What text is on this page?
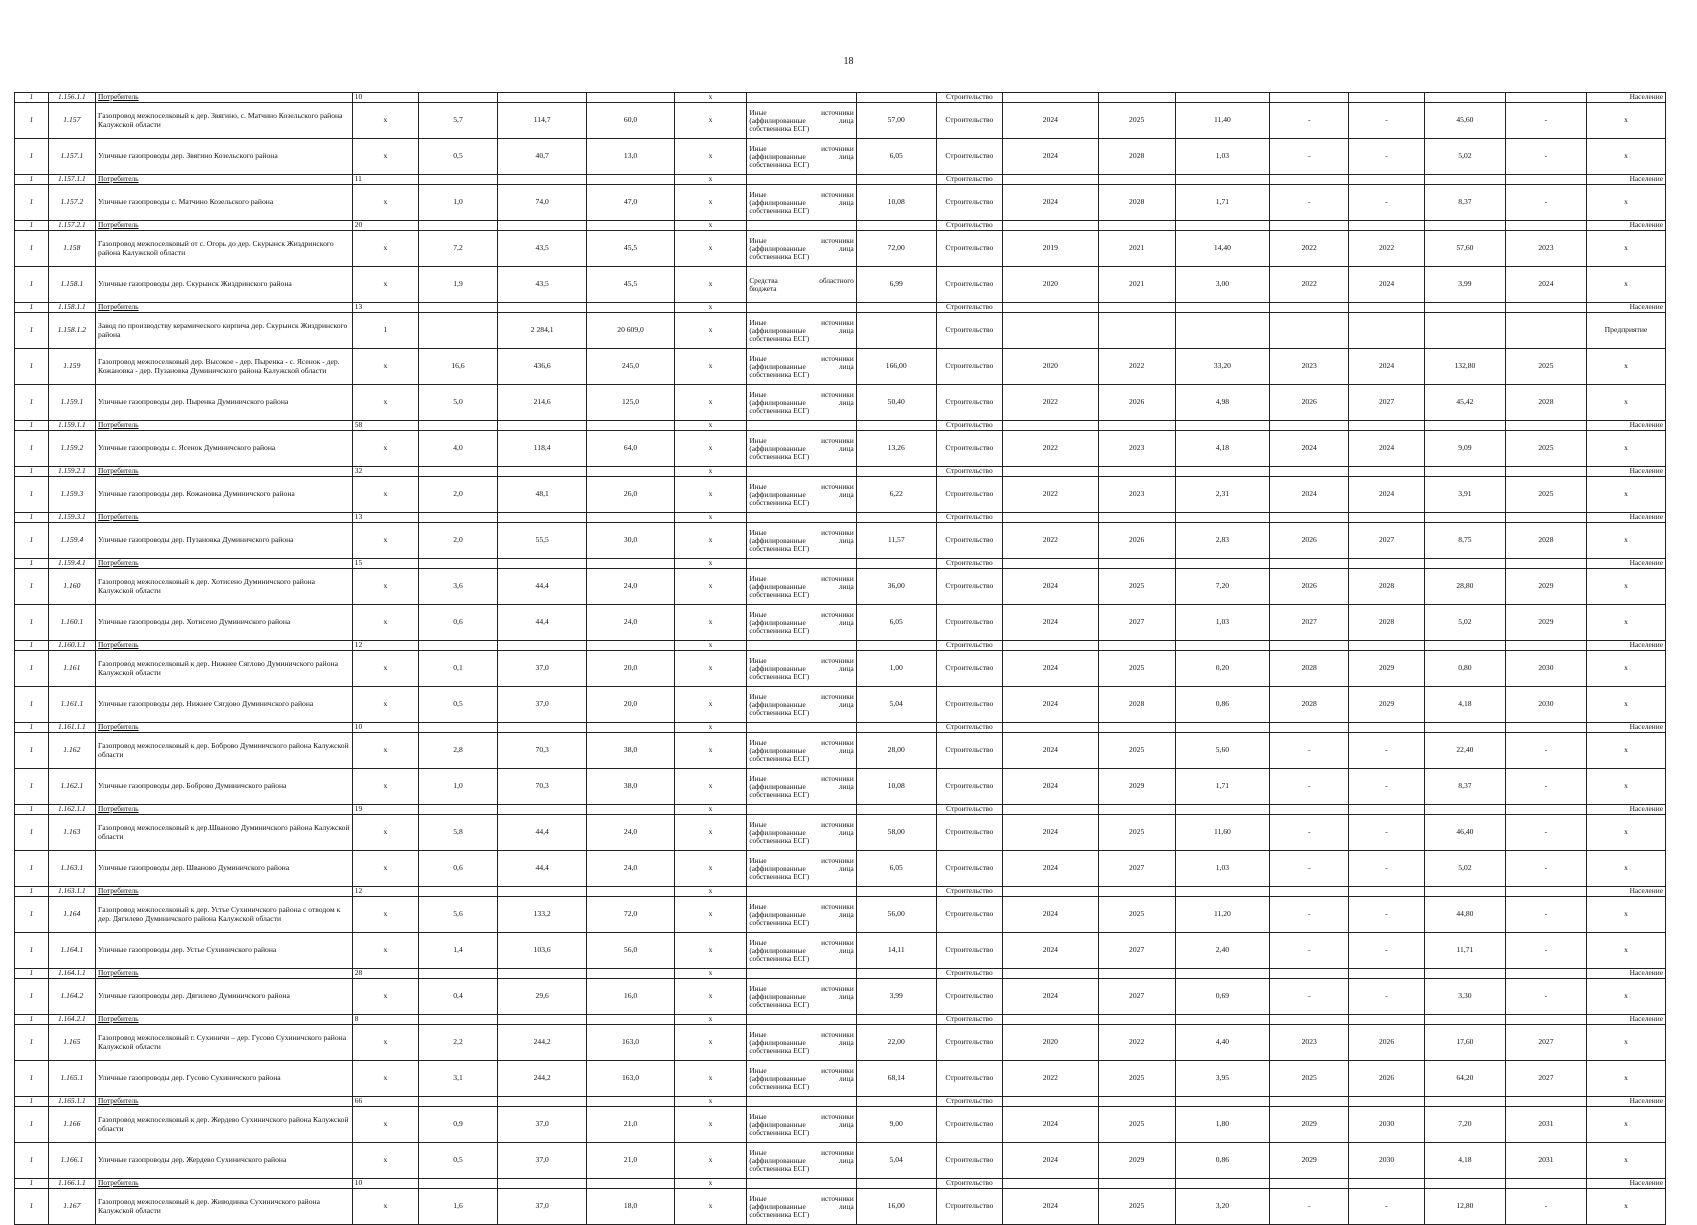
18
1	1.156.1.1	Потребитель	10				x			Строительство								Население
1	1.157	Газопровод межпоселковый к дер. Звягино, с. Матчино Козельского района Калужской области	x	5,7	114,7	60,0	x	Иные источники
(аффилированные лица
собственника ЕСГ)	57,00	Строительство	2024	2025	11,40	-	-	45,60	-	x
1	1.157.1	Уличные газопроводы дер. Звягино Козельского района	x	0,5	40,7	13,0	x	Иные источники
(аффилированные лица
собственника ЕСГ)	6,05	Строительство	2024	2028	1,03	-	-	5,02	-	x
1	1.157.1.1	Потребитель	11				x			Строительство								Население
1	1.157.2	Уличные газопроводы с. Матчино Козельского района	x	1,0	74,0	47,0	x	Иные источники
(аффилированные лица
собственника ЕСГ)	10,08	Строительство	2024	2028	1,71	-	-	8,37	-	x
1	1.157.2.1	Потребитель	20				x			Строительство								Население
1	1.158	Газопровод межпоселковый от с. Огорь до дер. Скурынск Жиздринского района Калужской области	x	7,2	43,5	45,5	x	Иные источники
(аффилированные лица
собственника ЕСГ)	72,00	Строительство	2019	2021	14,40	2022	2022	57,60	2023	x
1	1.158.1	Уличные газопроводы дер. Скурынск Жиздринского района	x	1,9	43,5	45,5	x	Средства областного
бюджета	6,99	Строительство	2020	2021	3,00	2022	2024	3,99	2024	x
1	1.158.1.1	Потребитель	13				x			Строительство								Население
1	1.158.1.2	Завод по производству керамического кирпича дер. Скурынск Жиздринского района	1		2 284,1	20 609,0	x	Иные источники
(аффилированные лица
собственника ЕСГ)		Строительство								Предприятие
1	1.159	Газопровод межпоселковый дер. Высокое - дер. Пыренка - с. Ясенок - дер. Кожановка - дер. Пузановка Думиничского района Калужской области	x	16,6	436,6	245,0	x	Иные источники
(аффилированные лица
собственника ЕСГ)	166,00	Строительство	2020	2022	33,20	2023	2024	132,80	2025	x
1	1.159.1	Уличные газопроводы дер. Пыренка Думиничского района	x	5,0	214,6	125,0	x	Иные источники
(аффилированные лица
собственника ЕСГ)	50,40	Строительство	2022	2026	4,98	2026	2027	45,42	2028	x
1	1.159.1.1	Потребитель	58				x			Строительство								Население
1	1.159.2	Уличные газопроводы с. Ясенок Думиничского района	x	4,0	118,4	64,0	x	Иные источники
(аффилированные лица
собственника ЕСГ)	13,26	Строительство	2022	2023	4,18	2024	2024	9,09	2025	x
1	1.159.2.1	Потребитель	32				x			Строительство								Население
1	1.159.3	Уличные газопроводы дер. Кожановка Думиничского района	x	2,0	48,1	26,0	x	Иные источники
(аффилированные лица
собственника ЕСГ)	6,22	Строительство	2022	2023	2,31	2024	2024	3,91	2025	x
1	1.159.3.1	Потребитель	13				x			Строительство								Население
1	1.159.4	Уличные газопроводы дер. Пузановка Думиничского района	x	2,0	55,5	30,0	x	Иные источники
(аффилированные лица
собственника ЕСГ)	11,57	Строительство	2022	2026	2,83	2026	2027	8,75	2028	x
1	1.159.4.1	Потребитель	15				x			Строительство								Население
1	1.160	Газопровод межпоселковый к дер. Хотисено Думиничского района Калужской области	x	3,6	44,4	24,0	x	Иные источники
(аффилированные лица
собственника ЕСГ)	36,00	Строительство	2024	2025	7,20	2026	2028	28,80	2029	x
1	1.160.1	Уличные газопроводы дер. Хотисено Думиничского района	x	0,6	44,4	24,0	x	Иные источники
(аффилированные лица
собственника ЕСГ)	6,05	Строительство	2024	2027	1,03	2027	2028	5,02	2029	x
1	1.160.1.1	Потребитель	12				x			Строительство								Население
1	1.161	Газопровод межпоселковый к дер. Нижнее Сяглово Думиничского района Калужской области	x	0,1	37,0	20,0	x	Иные источники
(аффилированные лица
собственника ЕСГ)	1,00	Строительство	2024	2025	0,20	2028	2029	0,80	2030	x
1	1.161.1	Уличные газопроводы дер. Нижнее Сягдово Думиничского района	x	0,5	37,0	20,0	x	Иные источники
(аффилированные лица
собственника ЕСГ)	5,04	Строительство	2024	2028	0,86	2028	2029	4,18	2030	x
1	1.161.1.1	Потребитель	10				x			Строительство								Население
1	1.162	Газопровод межпоселковый к дер. Боброво Думиничского района Калужской области	x	2,8	70,3	38,0	x	Иные источники
(аффилированные лица
собственника ЕСГ)	28,00	Строительство	2024	2025	5,60	-	-	22,40	-	x
1	1.162.1	Уличные газопроводы дер. Боброво Думиничского района	x	1,0	70,3	38,0	x	Иные источники
(аффилированные лица
собственника ЕСГ)	10,08	Строительство	2024	2029	1,71	-	-	8,37	-	x
1	1.162.1.1	Потребитель	19				x			Строительство								Население
1	1.163	Газопровод межпоселковый к дер.Шваново Думиничского района Калужской области	x	5,8	44,4	24,0	x	Иные источники
(аффилированные лица
собственника ЕСГ)	58,00	Строительство	2024	2025	11,60	-	-	46,40	-	x
1	1.163.1	Уличные газопроводы дер. Шваново Думиничского района	x	0,6	44,4	24,0	x	Иные источники
(аффилированные лица
собственника ЕСГ)	6,05	Строительство	2024	2027	1,03	-	-	5,02	-	x
1	1.163.1.1	Потребитель	12				x			Строительство								Население
1	1.164	Газопровод межпоселковый к дер. Устье Сухиничского района с отводом к дер. Дягилево Думиничского района Калужской области	x	5,6	133,2	72,0	x	Иные источники
(аффилированные лица
собственника ЕСГ)	56,00	Строительство	2024	2025	11,20	-	-	44,80	-	x
1	1.164.1	Уличные газопроводы дер. Устье Сухиничского района	x	1,4	103,6	56,0	x	Иные источники
(аффилированные лица
собственника ЕСГ)	14,11	Строительство	2024	2027	2,40	-	-	11,71	-	x
1	1.164.1.1	Потребитель	28				x			Строительство								Население
1	1.164.2	Уличные газопроводы дер. Дягилево Думиничского района	x	0,4	29,6	16,0	x	Иные источники
(аффилированные лица
собственника ЕСГ)	3,99	Строительство	2024	2027	0,69	-	-	3,30	-	x
1	1.164.2.1	Потребитель	8				x			Строительство								Население
1	1.165	Газопровод межпоселковый г. Сухиничи – дер. Гусово Сухиничского района Калужской области	x	2,2	244,2	163,0	x	Иные источники
(аффилированные лица
собственника ЕСГ)	22,00	Строительство	2020	2022	4,40	2023	2026	17,60	2027	x
1	1.165.1	Уличные газопроводы дер. Гусово Сухиничского района	x	3,1	244,2	163,0	x	Иные источники
(аффилированные лица
собственника ЕСГ)	68,14	Строительство	2022	2025	3,95	2025	2026	64,20	2027	x
1	1.165.1.1	Потребитель	66				x			Строительство								Население
1	1.166	Газопровод межпоселковый к дер. Жердево Сухиничского района Калужской области	x	0,9	37,0	21,0	x	Иные источники
(аффилированные лица
собственника ЕСГ)	9,00	Строительство	2024	2025	1,80	2029	2030	7,20	2031	x
1	1.166.1	Уличные газопроводы дер. Жердево Сухиничского района	x	0,5	37,0	21,0	x	Иные источники
(аффилированные лица
собственника ЕСГ)	5,04	Строительство	2024	2029	0,86	2029	2030	4,18	2031	x
1	1.166.1.1	Потребитель	10				x			Строительство								Население
1	1.167	Газопровод межпоселковый к дер. Живодинка Сухиничского района Калужской области	x	1,6	37,0	18,0	x	Иные источники
(аффилированные лица
собственника ЕСГ)	16,00	Строительство	2024	2025	3,20	-	-	12,80	-	x
